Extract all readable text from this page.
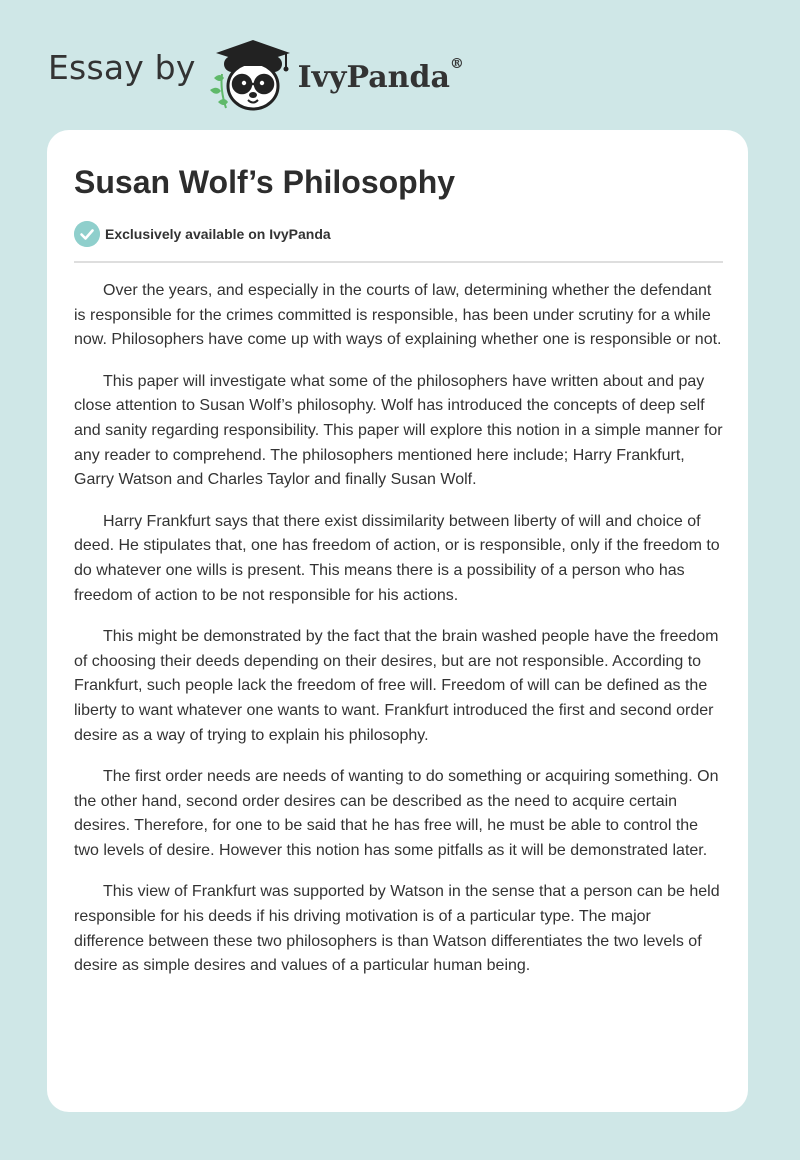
Essay by	IvyPanda®
Susan Wolf’s Philosophy
Exclusively available on IvyPanda

Over the years, and especially in the courts of law, determining whether the defendant is responsible for the crimes committed is responsible, has been under scrutiny for a while now. Philosophers have come up with ways of explaining whether one is responsible or not.

This paper will investigate what some of the philosophers have written about and pay close attention to Susan Wolf’s philosophy. Wolf has introduced the concepts of deep self and sanity regarding responsibility. This paper will explore this notion in a simple manner for any reader to comprehend. The philosophers mentioned here include; Harry Frankfurt, Garry Watson and Charles Taylor and finally Susan Wolf.

Harry Frankfurt says that there exist dissimilarity between liberty of will and choice of deed. He stipulates that, one has freedom of action, or is responsible, only if the freedom to do whatever one wills is present. This means there is a possibility of a person who has freedom of action to be not responsible for his actions.

This might be demonstrated by the fact that the brain washed people have the freedom of choosing their deeds depending on their desires, but are not responsible. According to Frankfurt, such people lack the freedom of free will. Freedom of will can be defined as the liberty to want whatever one wants to want. Frankfurt introduced the first and second order desire as a way of trying to explain his philosophy.

The first order needs are needs of wanting to do something or acquiring something. On the other hand, second order desires can be described as the need to acquire certain desires. Therefore, for one to be said that he has free will, he must be able to control the two levels of desire. However this notion has some pitfalls as it will be demonstrated later.

This view of Frankfurt was supported by Watson in the sense that a person can be held responsible for his deeds if his driving motivation is of a particular type. The major difference between these two philosophers is than Watson differentiates the two levels of desire as simple desires and values of a particular human being.
